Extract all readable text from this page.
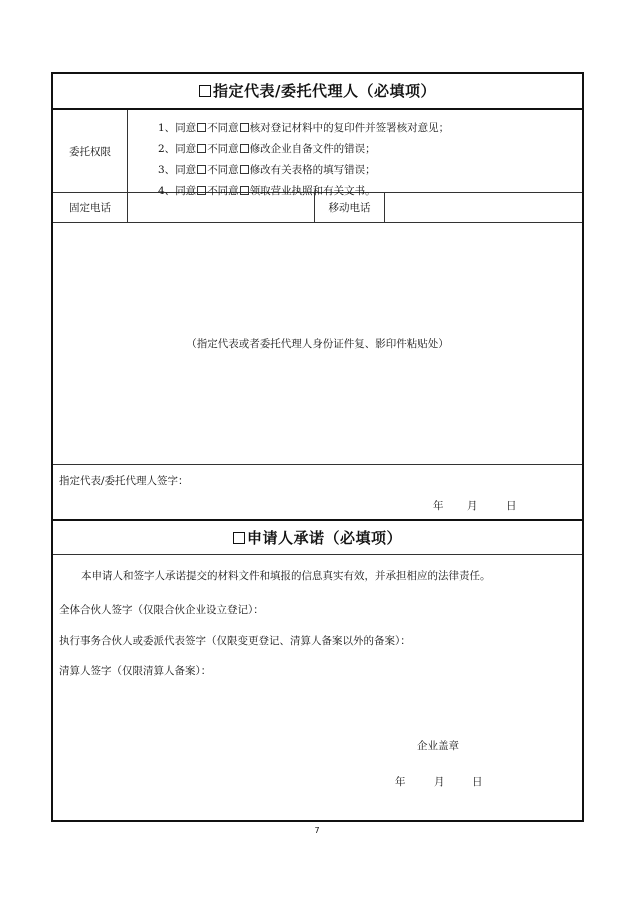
指定代表/委托代理人（必填项）
委托权限
1、同意 不同意 核对登记材料中的复印件并签署核对意见；
2、同意 不同意 修改企业自备文件的错误；
3、同意 不同意 修改有关表格的填写错误；
4、同意 不同意 领取营业执照和有关文书。
固定电话	移动电话
（指定代表或者委托代理人身份证件复、影印件粘贴处）
指定代表/委托代理人签字：
年 月	日
申请人承诺（必填项）
本申请人和签字人承诺提交的材料文件和填报的信息真实有效，并承担相应的法律责任。
全体合伙人签字（仅限合伙企业设立登记）：
执行事务合伙人或委派代表签字（仅限变更登记、清算人备案以外的备案）：
清算人签字（仅限清算人备案）：
企业盖章
年	月	日
7
